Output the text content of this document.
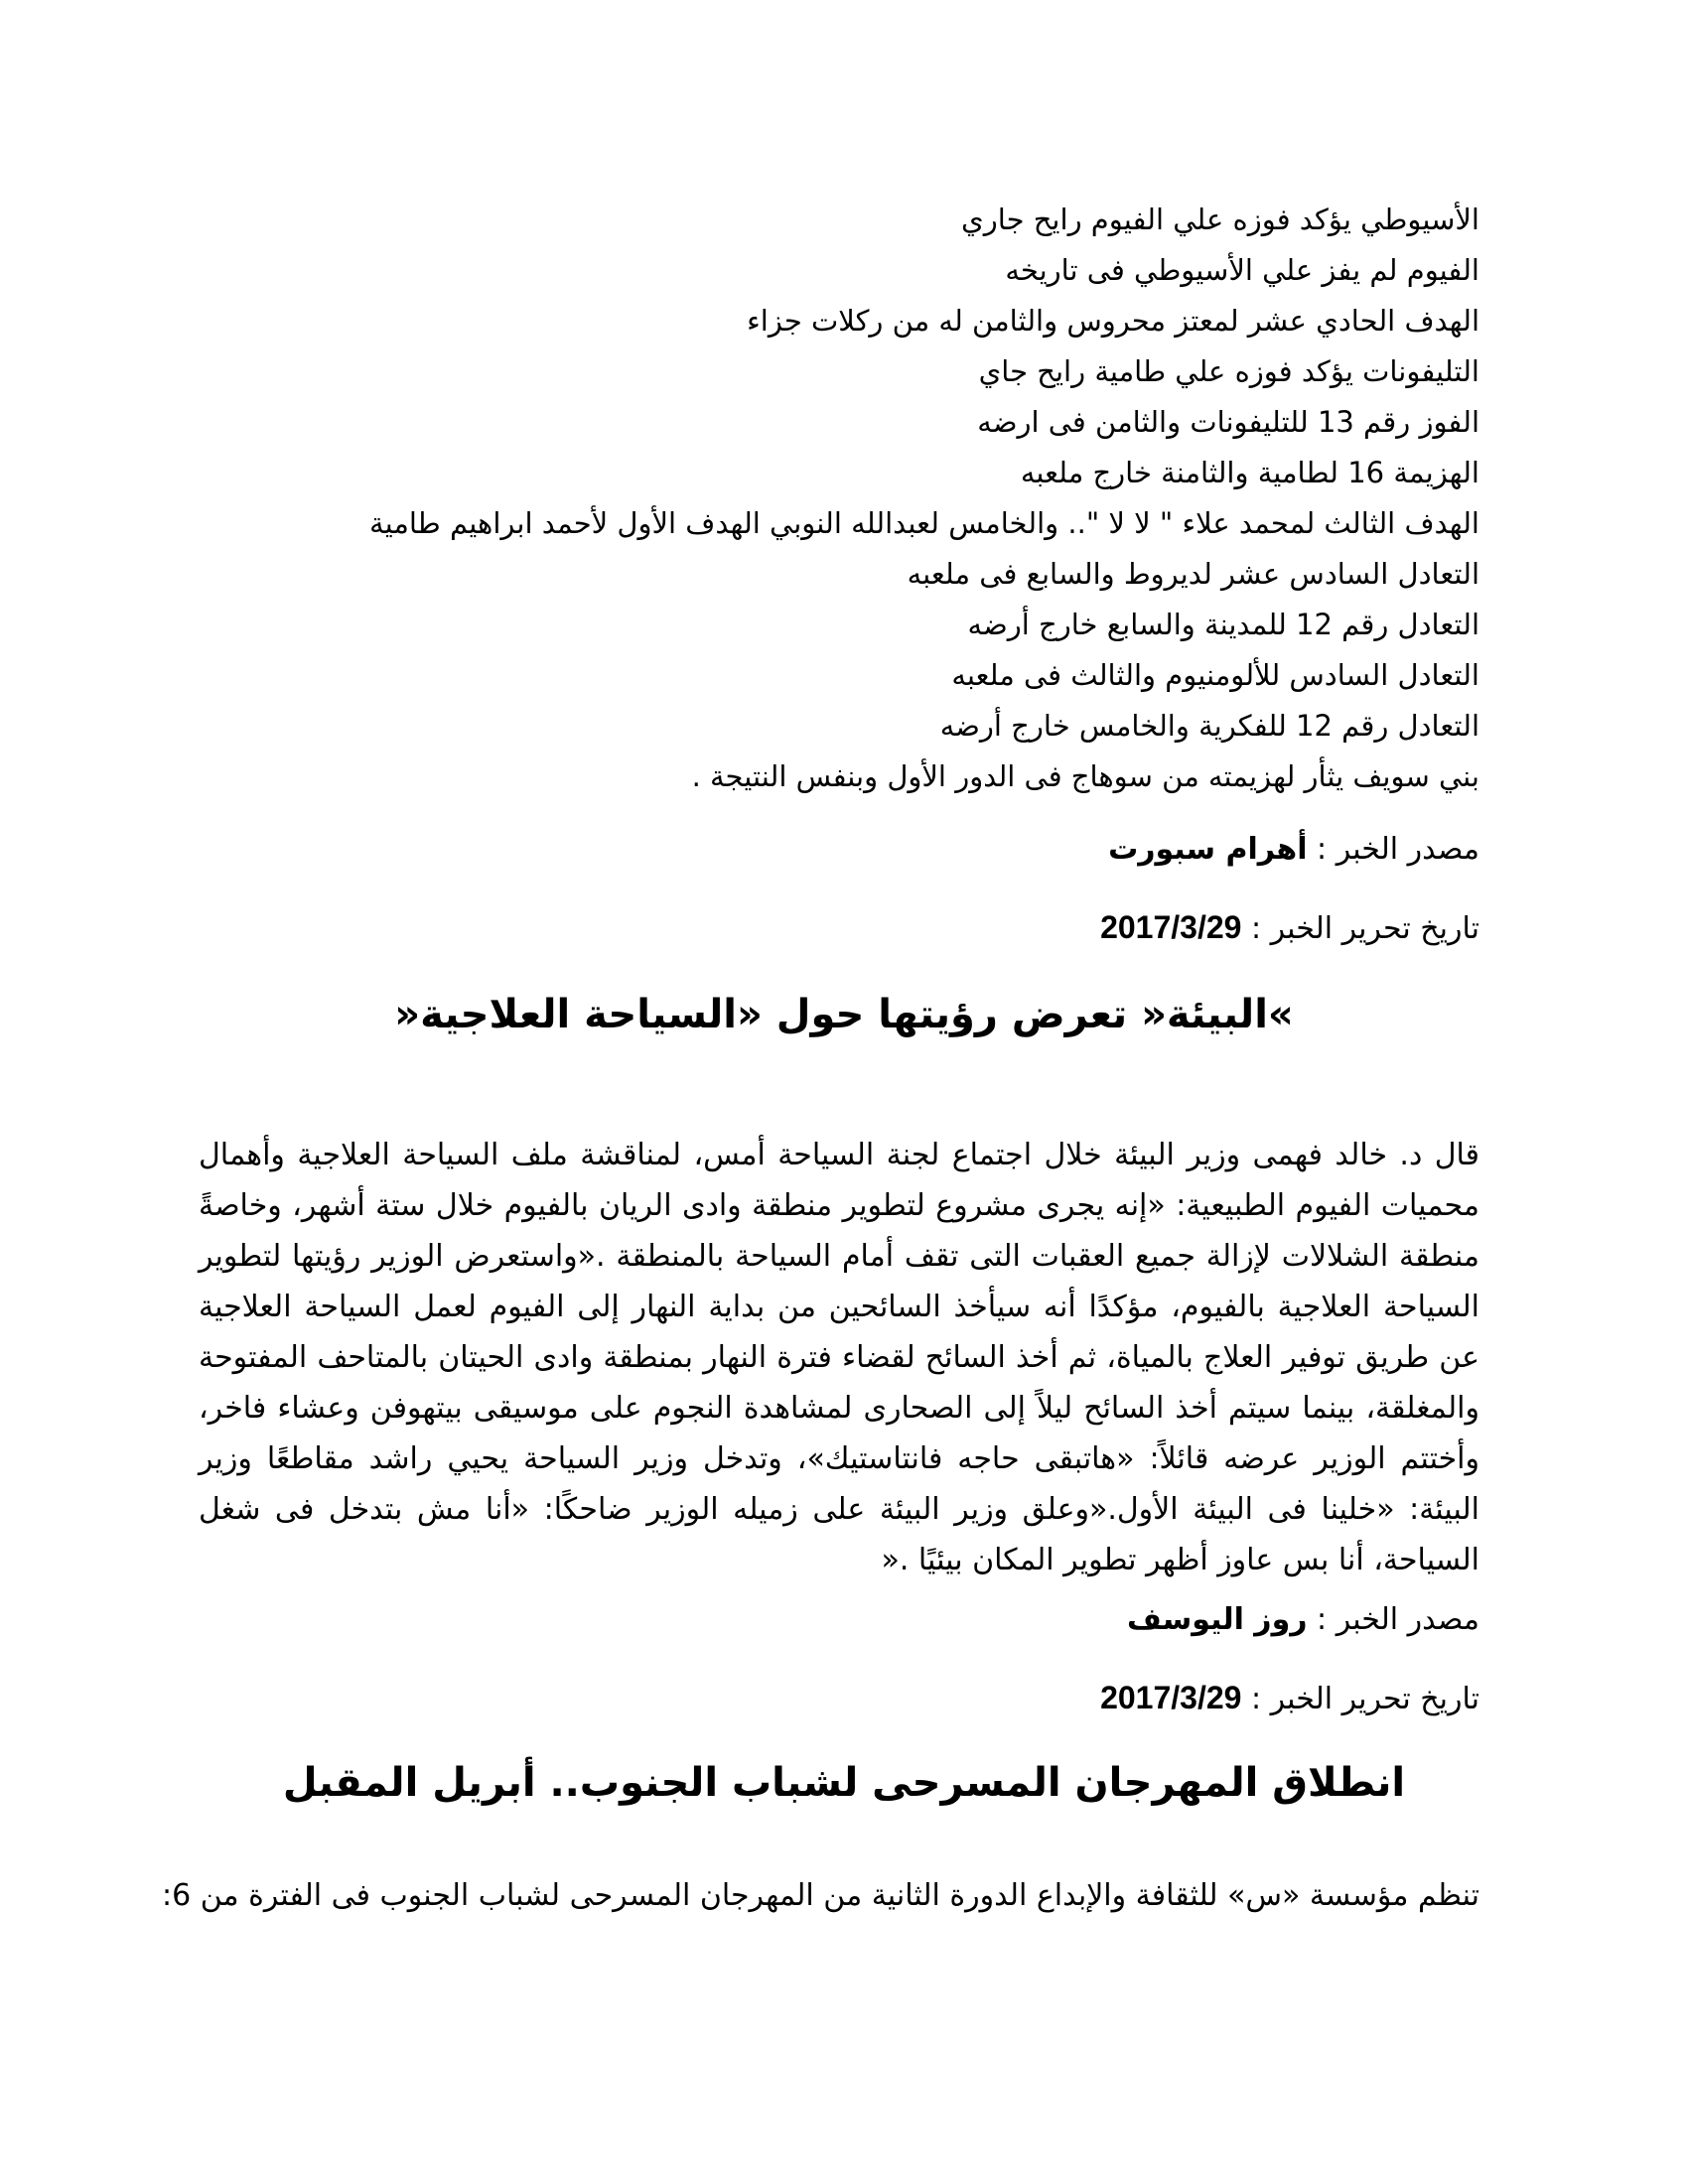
الأسيوطي يؤكد فوزه علي الفيوم رايح جاري
الفيوم لم يفز علي الأسيوطي فى تاريخه
الهدف الحادي عشر لمعتز محروس والثامن له من ركلات جزاء
التليفونات يؤكد فوزه علي طامية رايح جاي
الفوز رقم 13 للتليفونات والثامن فى ارضه
الهزيمة 16 لطامية والثامنة خارج ملعبه
الهدف الثالث لمحمد علاء " لا لا ".. والخامس لعبدالله النوبي الهدف الأول لأحمد ابراهيم طامية
التعادل السادس عشر لديروط والسابع فى ملعبه
التعادل رقم 12 للمدينة والسابع خارج أرضه
التعادل السادس للألومنيوم والثالث فى ملعبه
التعادل رقم 12 للفكرية والخامس خارج أرضه
بني سويف يثأر لهزيمته من سوهاج فى الدور الأول وبنفس النتيجة .
مصدر الخبر : أهرام سبورت
تاريخ تحرير الخبر : 2017/3/29
»البيئة« تعرض رؤيتها حول «السياحة العلاجية«
قال د. خالد فهمى وزير البيئة خلال اجتماع لجنة السياحة أمس، لمناقشة ملف السياحة العلاجية وأهمال محميات الفيوم الطبيعية: «إنه يجرى مشروع لتطوير منطقة وادى الريان بالفيوم خلال ستة أشهر، وخاصةً منطقة الشلالات لإزالة جميع العقبات التى تقف أمام السياحة بالمنطقة .«واستعرض الوزير رؤيتها لتطوير السياحة العلاجية بالفيوم، مؤكدًا أنه سيأخذ السائحين من بداية النهار إلى الفيوم لعمل السياحة العلاجية عن طريق توفير العلاج بالمياة، ثم أخذ السائح لقضاء فترة النهار بمنطقة وادى الحيتان بالمتاحف المفتوحة والمغلقة، بينما سيتم أخذ السائح ليلاً إلى الصحارى لمشاهدة النجوم على موسيقى بيتهوفن وعشاء فاخر، وأختتم الوزير عرضه قائلاً: «هاتبقى حاجه فانتاستيك»، وتدخل وزير السياحة يحيي راشد مقاطعًا وزير البيئة: «خلينا فى البيئة الأول.«وعلق وزير البيئة على زميله الوزير ضاحكًا: «أنا مش بتدخل فى شغل السياحة، أنا بس عاوز أظهر تطوير المكان بيئيًا .«
مصدر الخبر : روز اليوسف
تاريخ تحرير الخبر : 2017/3/29
انطلاق المهرجان المسرحى لشباب الجنوب.. أبريل المقبل
تنظم مؤسسة «س» للثقافة والإبداع الدورة الثانية من المهرجان المسرحى لشباب الجنوب فى الفترة من 6:
